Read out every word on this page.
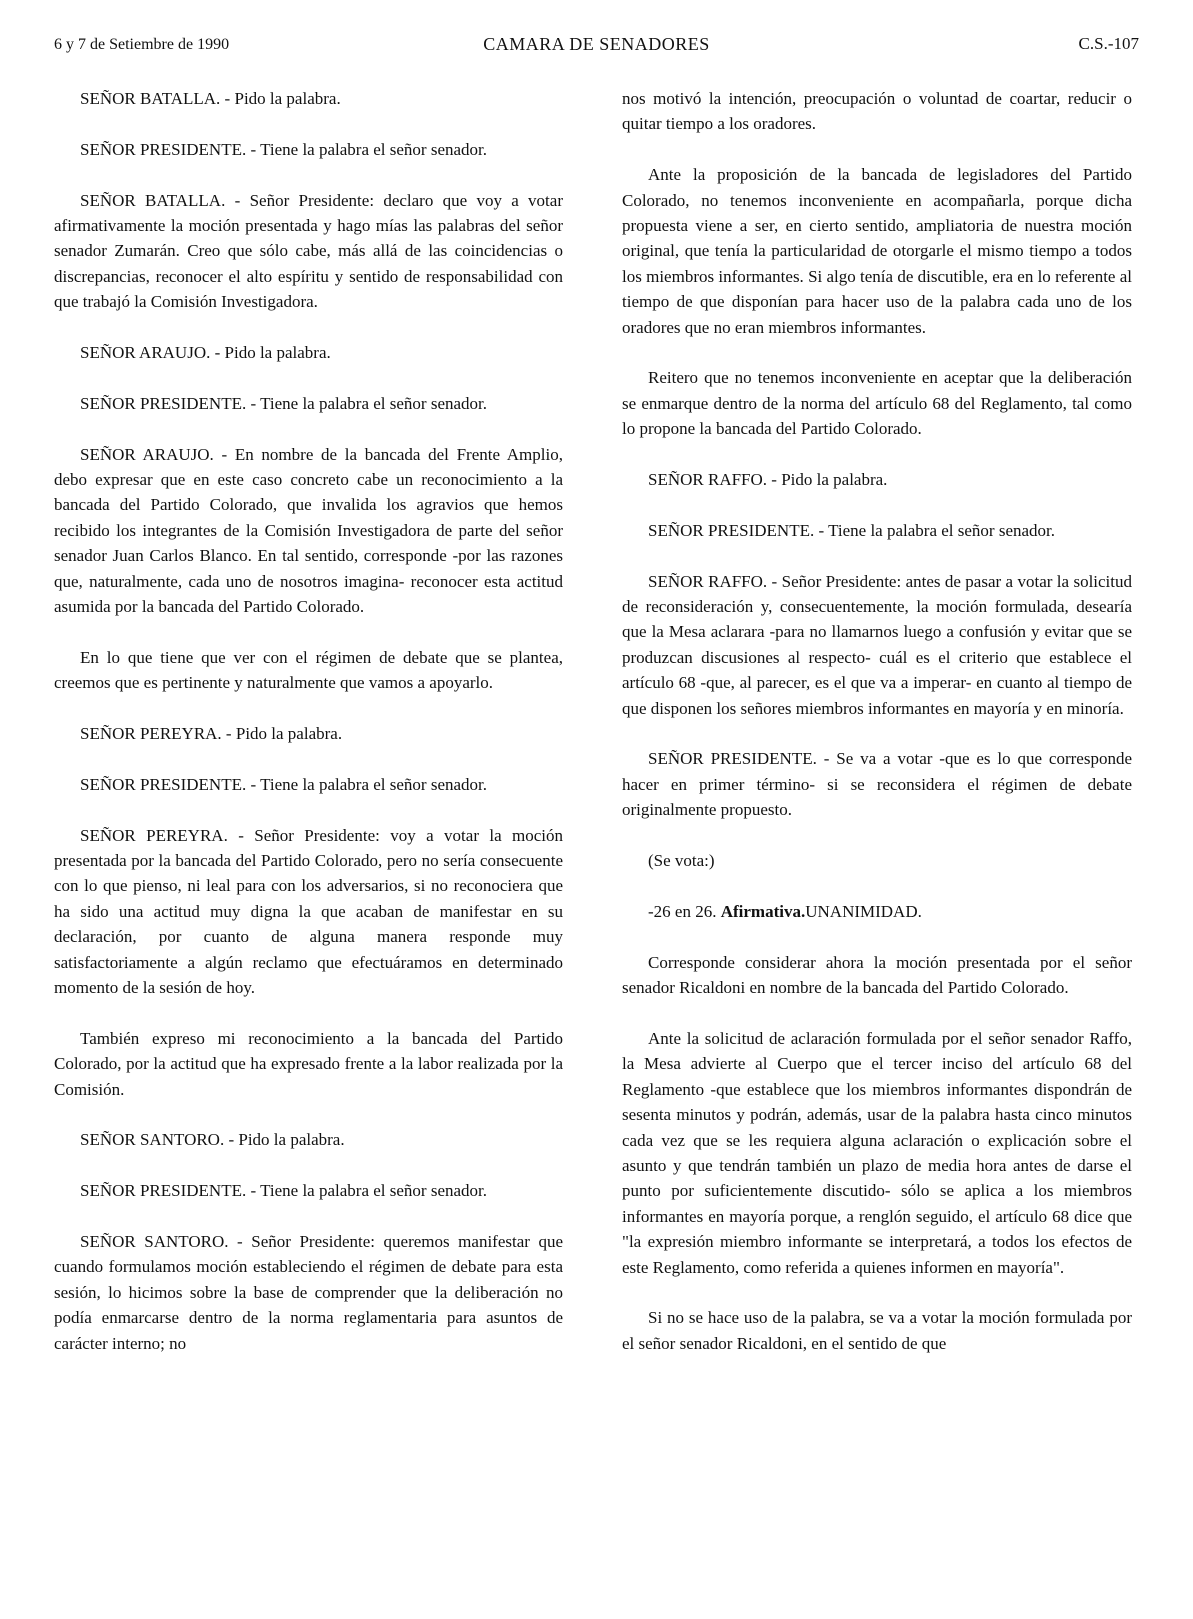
6 y 7 de Setiembre de 1990	CAMARA DE SENADORES	C.S.-107

SEÑOR BATALLA. - Pido la palabra.

SEÑOR PRESIDENTE. - Tiene la palabra el señor senador.

SEÑOR BATALLA. - Señor Presidente: declaro que voy a votar afirmativamente la moción presentada y hago mías las palabras del señor senador Zumarán. Creo que sólo cabe, más allá de las coincidencias o discrepancias, reconocer el alto espíritu y sentido de responsabilidad con que trabajó la Comisión Investigadora.

SEÑOR ARAUJO. - Pido la palabra.

SEÑOR PRESIDENTE. - Tiene la palabra el señor senador.

SEÑOR ARAUJO. - En nombre de la bancada del Frente Amplio, debo expresar que en este caso concreto cabe un reconocimiento a la bancada del Partido Colorado, que invalida los agravios que hemos recibido los integrantes de la Comisión Investigadora de parte del señor senador Juan Carlos Blanco. En tal sentido, corresponde -por las razones que, naturalmente, cada uno de nosotros imagina- reconocer esta actitud asumida por la bancada del Partido Colorado.

En lo que tiene que ver con el régimen de debate que se plantea, creemos que es pertinente y naturalmente que vamos a apoyarlo.

SEÑOR PEREYRA. - Pido la palabra.

SEÑOR PRESIDENTE. - Tiene la palabra el señor senador.

SEÑOR PEREYRA. - Señor Presidente: voy a votar la moción presentada por la bancada del Partido Colorado, pero no sería consecuente con lo que pienso, ni leal para con los adversarios, si no reconociera que ha sido una actitud muy digna la que acaban de manifestar en su declaración, por cuanto de alguna manera responde muy satisfactoriamente a algún reclamo que efectuáramos en determinado momento de la sesión de hoy.

También expreso mi reconocimiento a la bancada del Partido Colorado, por la actitud que ha expresado frente a la labor realizada por la Comisión.

SEÑOR SANTORO. - Pido la palabra.

SEÑOR PRESIDENTE. - Tiene la palabra el señor senador.

SEÑOR SANTORO. - Señor Presidente: queremos manifestar que cuando formulamos moción estableciendo el régimen de debate para esta sesión, lo hicimos sobre la base de comprender que la deliberación no podía enmarcarse dentro de la norma reglamentaria para asuntos de carácter interno; no

nos motivó la intención, preocupación o voluntad de coartar, reducir o quitar tiempo a los oradores.

Ante la proposición de la bancada de legisladores del Partido Colorado, no tenemos inconveniente en acompañarla, porque dicha propuesta viene a ser, en cierto sentido, ampliatoria de nuestra moción original, que tenía la particularidad de otorgarle el mismo tiempo a todos los miembros informantes. Si algo tenía de discutible, era en lo referente al tiempo de que disponían para hacer uso de la palabra cada uno de los oradores que no eran miembros informantes.

Reitero que no tenemos inconveniente en aceptar que la deliberación se enmarque dentro de la norma del artículo 68 del Reglamento, tal como lo propone la bancada del Partido Colorado.

SEÑOR RAFFO. - Pido la palabra.

SEÑOR PRESIDENTE. - Tiene la palabra el señor senador.

SEÑOR RAFFO. - Señor Presidente: antes de pasar a votar la solicitud de reconsideración y, consecuentemente, la moción formulada, desearía que la Mesa aclarara -para no llamarnos luego a confusión y evitar que se produzcan discusiones al respecto- cuál es el criterio que establece el artículo 68 -que, al parecer, es el que va a imperar- en cuanto al tiempo de que disponen los señores miembros informantes en mayoría y en minoría.

SEÑOR PRESIDENTE. - Se va a votar -que es lo que corresponde hacer en primer término- si se reconsidera el régimen de debate originalmente propuesto.

(Se vota:)

-26 en 26. Afirmativa.UNANIMIDAD.

Corresponde considerar ahora la moción presentada por el señor senador Ricaldoni en nombre de la bancada del Partido Colorado.

Ante la solicitud de aclaración formulada por el señor senador Raffo, la Mesa advierte al Cuerpo que el tercer inciso del artículo 68 del Reglamento -que establece que los miembros informantes dispondrán de sesenta minutos y podrán, además, usar de la palabra hasta cinco minutos cada vez que se les requiera alguna aclaración o explicación sobre el asunto y que tendrán también un plazo de media hora antes de darse el punto por suficientemente discutido- sólo se aplica a los miembros informantes en mayoría porque, a renglón seguido, el artículo 68 dice que "la expresión miembro informante se interpretará, a todos los efectos de este Reglamento, como referida a quienes informen en mayoría".

Si no se hace uso de la palabra, se va a votar la moción formulada por el señor senador Ricaldoni, en el sentido de que
